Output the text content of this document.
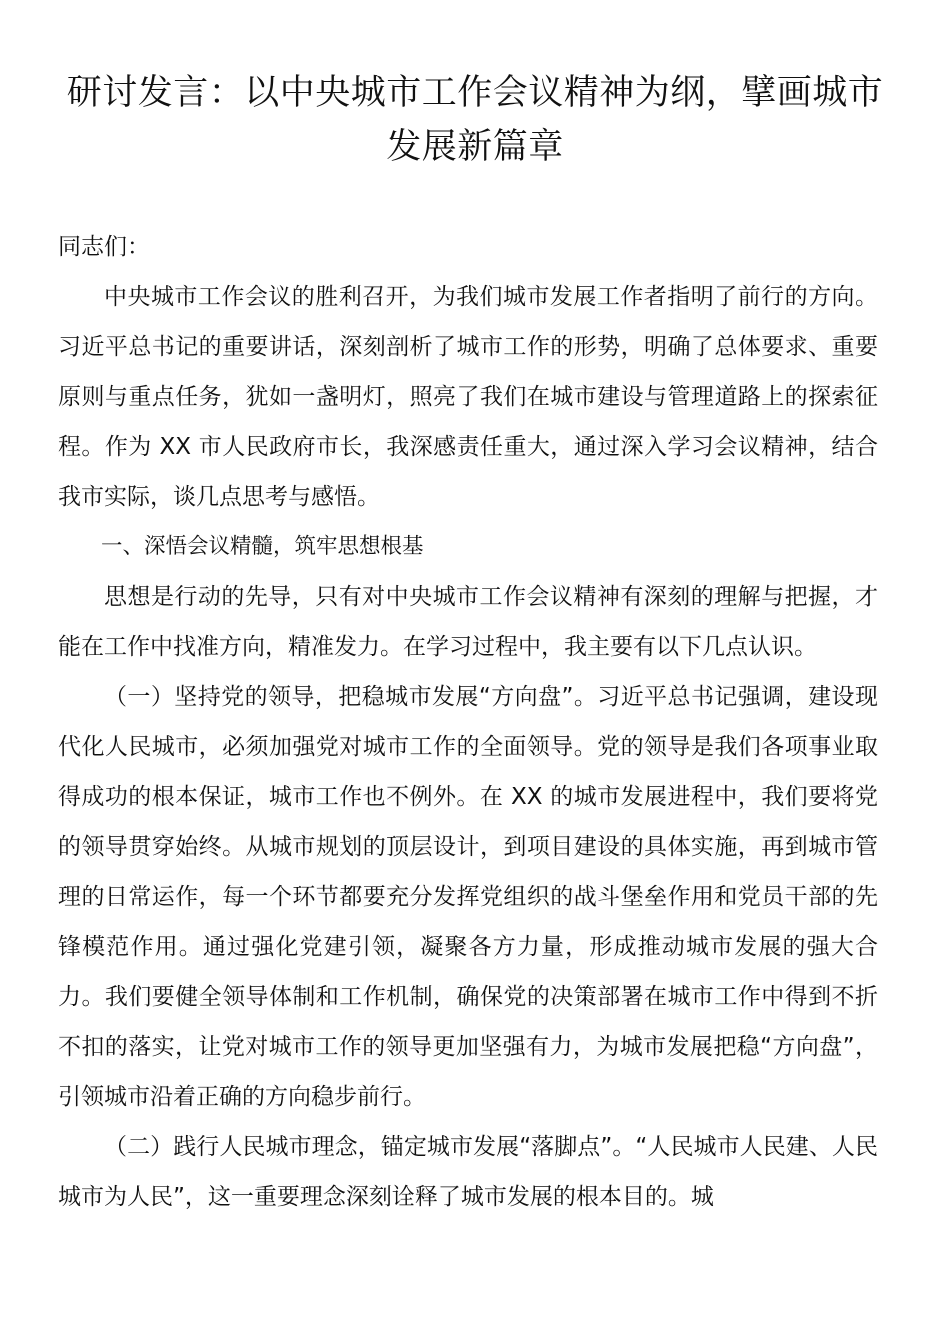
研讨发言：以中央城市工作会议精神为纲，擘画城市发展新篇章

同志们：

中央城市工作会议的胜利召开，为我们城市发展工作者指明了前行的方向。习近平总书记的重要讲话，深刻剖析了城市工作的形势，明确了总体要求、重要原则与重点任务，犹如一盏明灯，照亮了我们在城市建设与管理道路上的探索征程。作为 XX 市人民政府市长，我深感责任重大，通过深入学习会议精神，结合我市实际，谈几点思考与感悟。

一、深悟会议精髓，筑牢思想根基

思想是行动的先导，只有对中央城市工作会议精神有深刻的理解与把握，才能在工作中找准方向，精准发力。在学习过程中，我主要有以下几点认识。

（一）坚持党的领导，把稳城市发展“方向盘”。习近平总书记强调，建设现代化人民城市，必须加强党对城市工作的全面领导。党的领导是我们各项事业取得成功的根本保证，城市工作也不例外。在 XX 的城市发展进程中，我们要将党的领导贯穿始终。从城市规划的顶层设计，到项目建设的具体实施，再到城市管理的日常运作，每一个环节都要充分发挥党组织的战斗堡垒作用和党员干部的先锋模范作用。通过强化党建引领，凝聚各方力量，形成推动城市发展的强大合力。我们要健全领导体制和工作机制，确保党的决策部署在城市工作中得到不折不扣的落实，让党对城市工作的领导更加坚强有力，为城市发展把稳“方向盘”，引领城市沿着正确的方向稳步前行。

（二）践行人民城市理念，锚定城市发展“落脚点”。“人民城市人民建、人民城市为人民”，这一重要理念深刻诠释了城市发展的根本目的。城
